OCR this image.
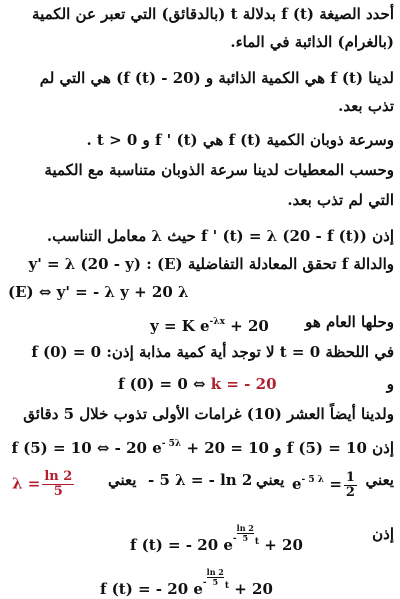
أحدد الصيغة f (t) بدلالة t (بالدقائق) التي تعبر عن الكمية
(بالغرام) الذائبة في الماء.
لدينا f (t) هي الكمية الذائبة و (f (t) - 20) هي التي لم
تذب بعد.
وسرعة ذوبان الكمية f (t) هي f ' (t) و 0 < t .
وحسب المعطيات لدينا سرعة الذوبان متناسبة مع الكمية
التي لم تذب بعد.
إذن f ' (t) = λ (20 - f (t)) حيث λ معامل التناسب.
والدالة f تحقق المعادلة التفاضلية (E) : y' = λ (20 - y)
(E) ⇔ y' = - λ y + 20 λ
وحلها العام هو
y = K $e^{-\lambda x} + 20$
في اللحظة t = 0 لا توجد أية كمية مذابة إذن: f (0) = 0
و
f (0) = 0 ⇔ k = - 20
ولدينا أيضاً العشر (10) غرامات الأولى تذوب خلال 5 دقائق
إذن f (5) = 10 و f (5) = 10 ⇔ - 20 $e^{- 5\lambda} + 20 = 10$
$\lambda = \frac{\ln 2}{5}$ يعني - 5 λ = - ln 2 يعني $e^{- 5 \lambda} = \frac{1}{2}$ يعني
إذن
f (t) = - 20 $e^- \frac{\ln 2}{5} ^t + 20$
f (t) = - 20 $e^- \frac{\ln 2}{5} ^t + 20$
